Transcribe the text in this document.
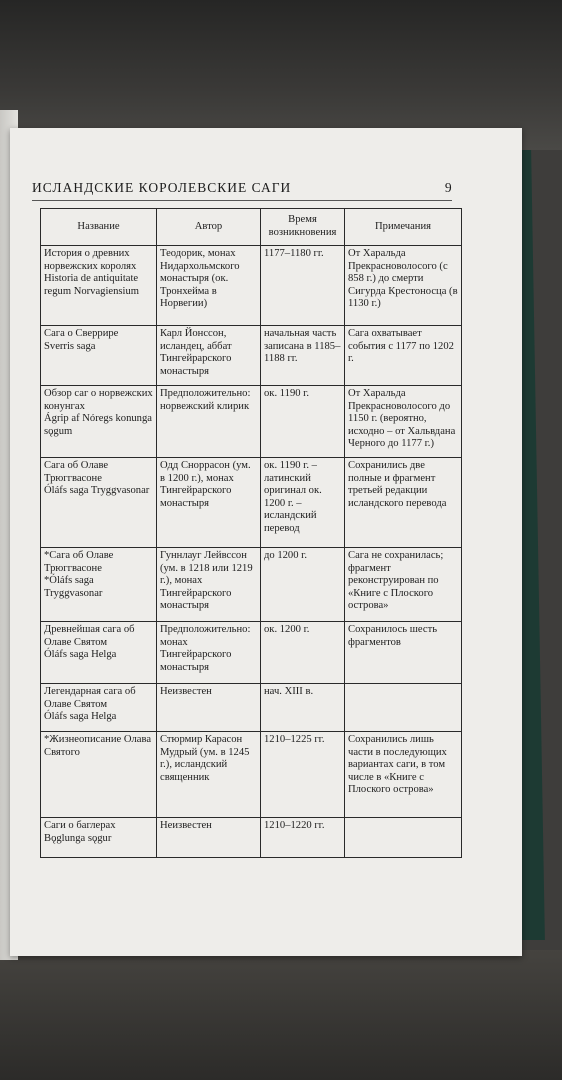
ИСЛАНДСКИЕ КОРОЛЕВСКИЕ САГИ	9
Название	Автор	Время возникновения	Примечания

История о древних норвежских королях
Historia de antiquitate regum Norvagiensium	Теодорик, монах Нидархольмского монастыря (ок. Тронхейма в Норвегии)	1177–1180 гг.	От Харальда Прекрасноволосого (с 858 г.) до смерти Сигурда Крестоносца (в 1130 г.)

Сага о Сверрире
Sverris saga	Карл Йонссон, исландец, аббат Тингейрарского монастыря	начальная часть записана в 1185–1188 гг.	Сага охватывает события с 1177 по 1202 г.

Обзор саг о норвежских конунгах
Ágrip af Nóregs konunga sǫgum	Предположительно: норвежский клирик	ок. 1190 г.	От Харальда Прекрасноволосого до 1150 г. (вероятно, исходно – от Хальвдана Черного до 1177 г.)

Сага об Олаве Трюггвасоне
Óláfs saga Tryggvasonar	Одд Сноррасон (ум. в 1200 г.), монах Тингейрарского монастыря	ок. 1190 г. – латинский оригинал ок. 1200 г. – исландский перевод	Сохранились две полные и фрагмент третьей редакции исландского перевода

*Сага об Олаве Трюггвасоне
*Óláfs saga Tryggvasonar	Гуннлауг Лейвссон (ум. в 1218 или 1219 г.), монах Тингейрарского монастыря	до 1200 г.	Сага не сохранилась; фрагмент реконструирован по «Книге с Плоского острова»

Древнейшая сага об Олаве Святом
Óláfs saga Helga	Предположительно: монах Тингейрарского монастыря	ок. 1200 г.	Сохранилось шесть фрагментов

Легендарная сага об Олаве Святом
Óláfs saga Helga	Неизвестен	нач. XIII в.	

*Жизнеописание Олава Святого	Стюрмир Карасон Мудрый (ум. в 1245 г.), исландский священник	1210–1225 гг.	Сохранились лишь части в последующих вариантах саги, в том числе в «Книге с Плоского острова»

Саги о баглерах
Bǫglunga sǫgur	Неизвестен	1210–1220 гг.	
